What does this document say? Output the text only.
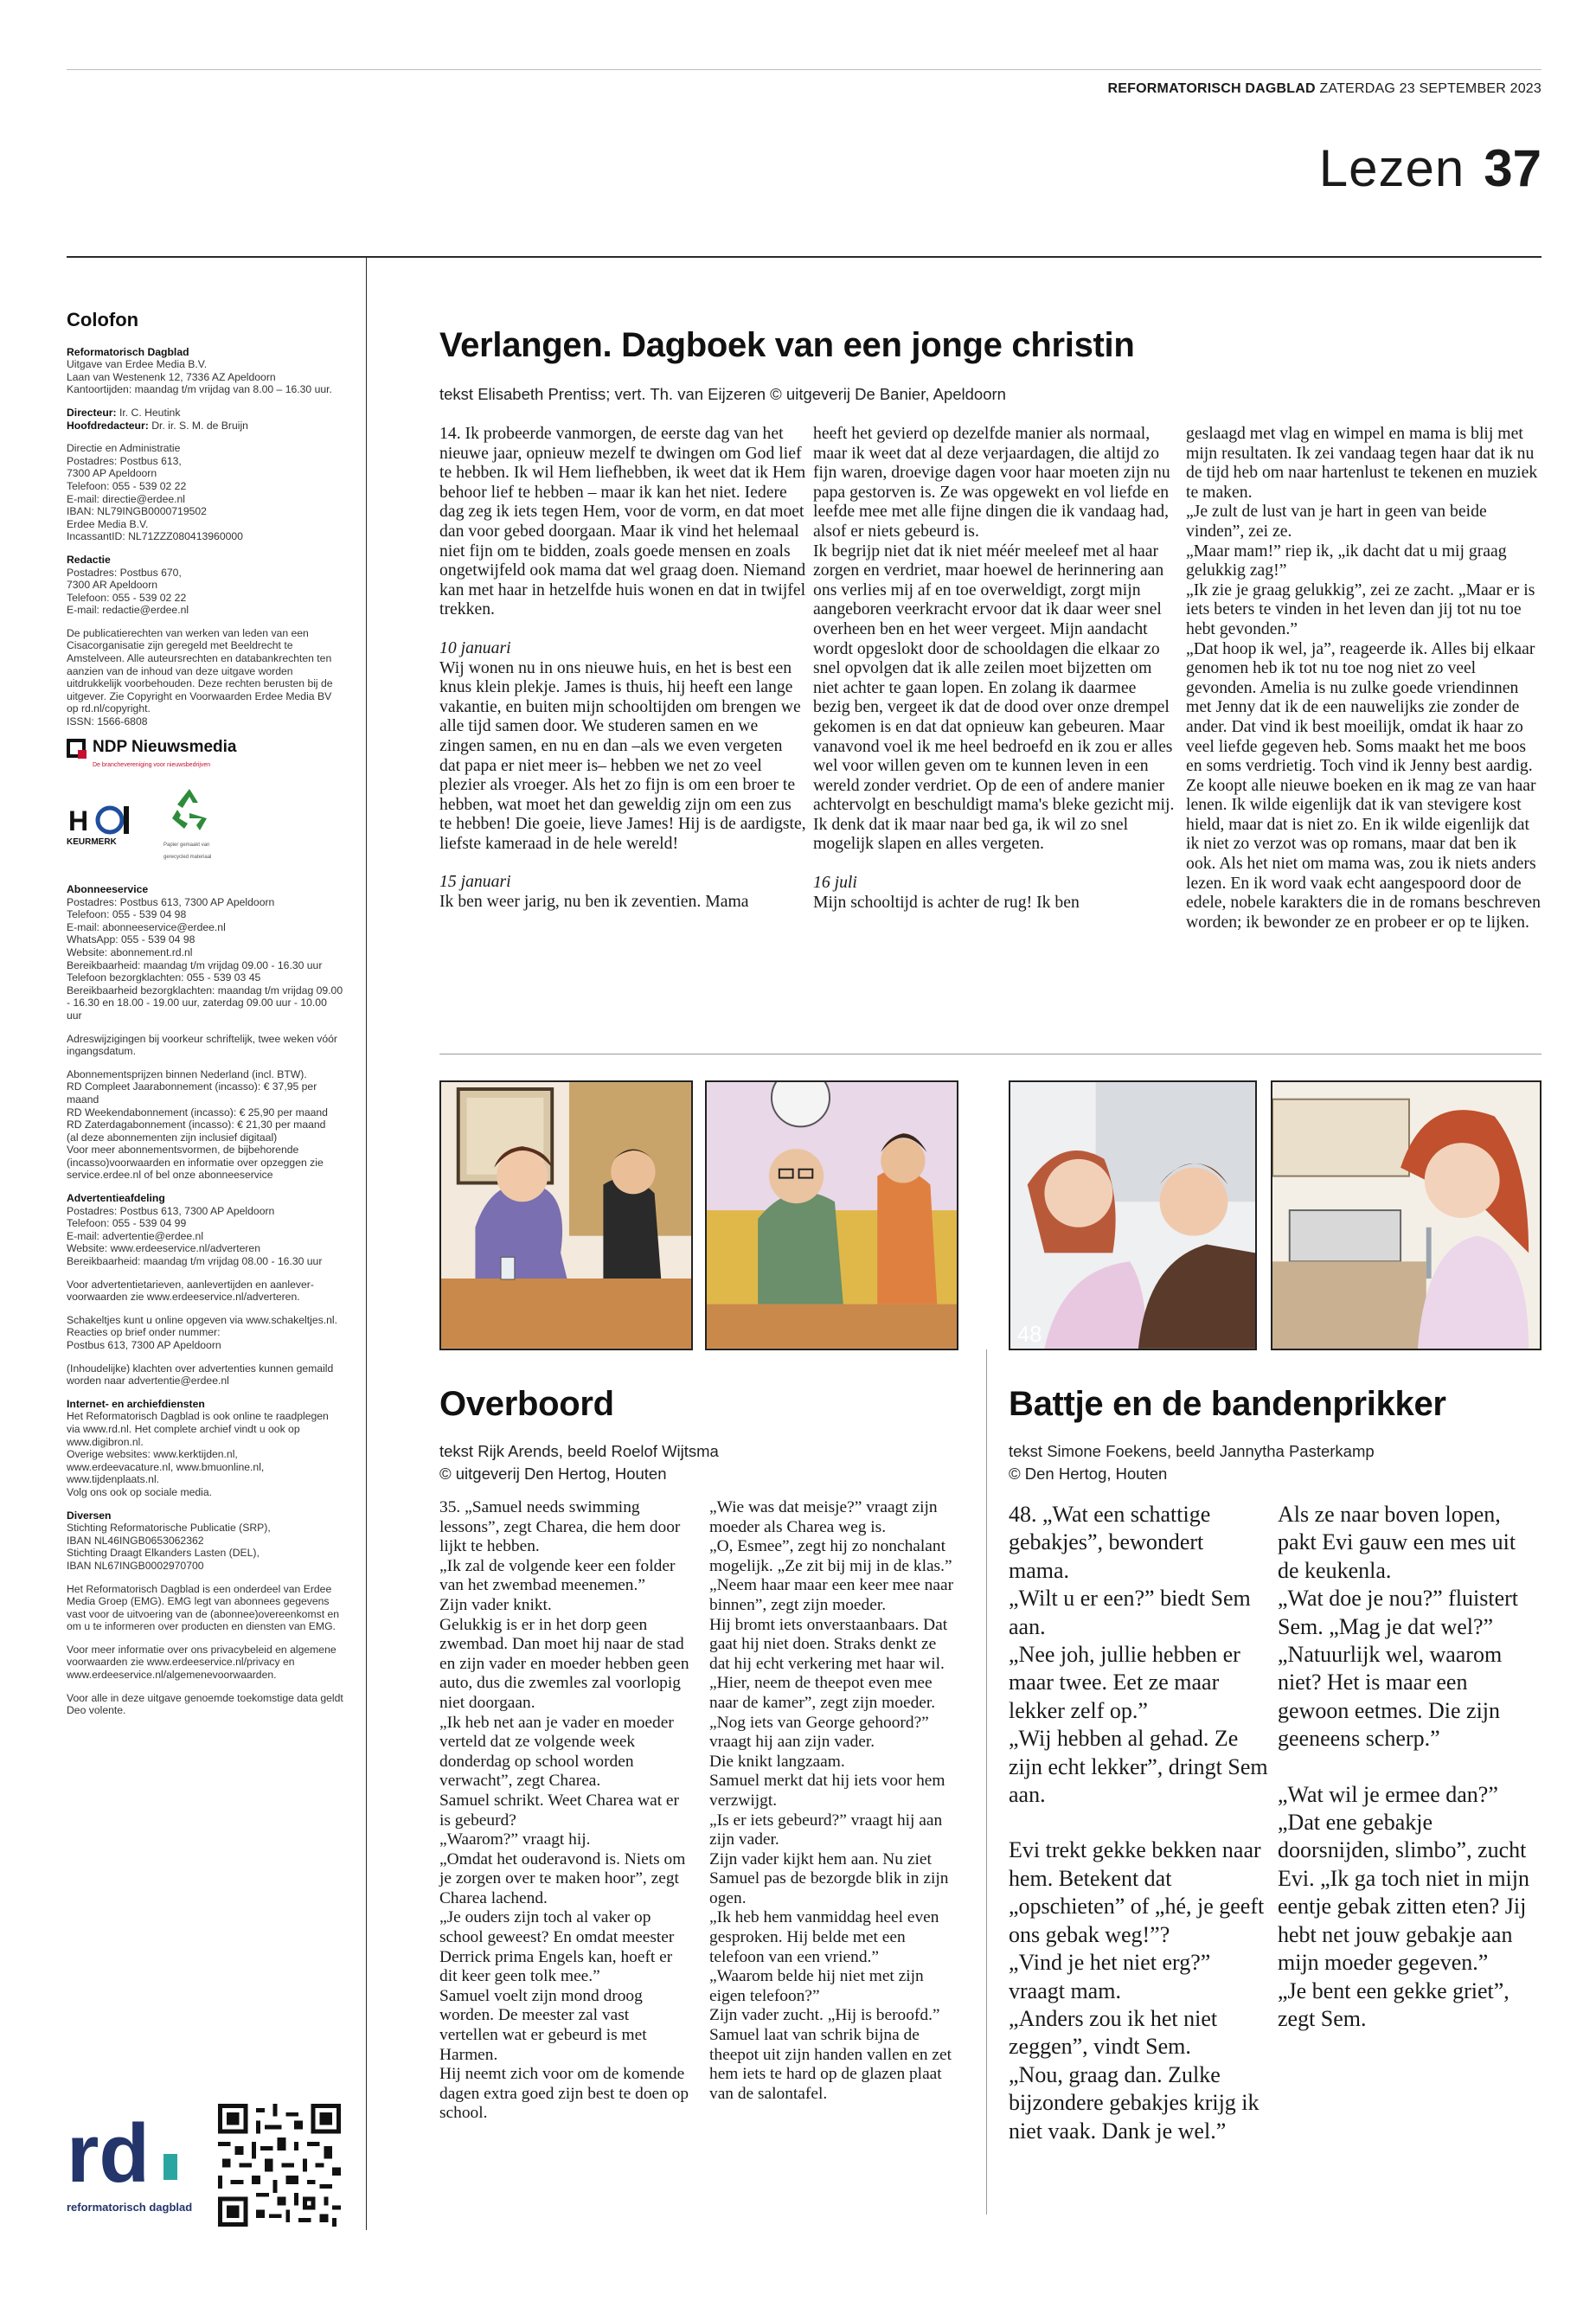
REFORMATORISCH DAGBLAD ZATERDAG 23 SEPTEMBER 2023
Lezen 37
Colofon

Reformatorisch Dagblad
Uitgave van Erdee Media B.V.
Laan van Westenenk 12, 7336 AZ Apeldoorn
Kantoortijden: maandag t/m vrijdag van 8.00 – 16.30 uur.

Directeur: Ir. C. Heutink
Hoofdredacteur: Dr. ir. S. M. de Bruijn

Directie en Administratie
Postadres: Postbus 613,
7300 AP Apeldoorn
Telefoon: 055 - 539 02 22
E-mail: directie@erdee.nl
IBAN: NL79INGB0000719502
Erdee Media B.V.
IncassantID: NL71ZZZ080413960000

Redactie
Postadres: Postbus 670,
7300 AR Apeldoorn
Telefoon: 055 - 539 02 22
E-mail: redactie@erdee.nl

De publicatierechten van werken van leden van een Cisacorganisatie zijn geregeld met Beeldrecht te Amstelveen. Alle auteursrechten en databankrechten ten aanzien van de inhoud van deze uitgave worden uitdrukkelijk voorbehouden. Deze rechten berusten bij de uitgever. Zie Copyright en Voorwaarden Erdee Media BV op rd.nl/copyright.
ISSN: 1566-6808

NDP Nieuwsmedia
De branchevereniging voor nieuwsbedrijven
H
KEURMERK	Papier gemaakt van gerecycled materiaal

Abonneeservice
Postadres: Postbus 613, 7300 AP Apeldoorn
Telefoon: 055 - 539 04 98
E-mail: abonneeservice@erdee.nl
WhatsApp: 055 - 539 04 98
Website: abonnement.rd.nl
Bereikbaarheid: maandag t/m vrijdag 09.00 - 16.30 uur
Telefoon bezorgklachten: 055 - 539 03 45
Bereikbaarheid bezorgklachten: maandag t/m vrijdag 09.00 - 16.30 en 18.00 - 19.00 uur, zaterdag 09.00 uur - 10.00 uur

Adreswijzigingen bij voorkeur schriftelijk, twee weken vóór ingangsdatum.

Abonnementsprijzen binnen Nederland (incl. BTW).
RD Compleet Jaarabonnement (incasso): € 37,95 per maand
RD Weekendabonnement (incasso): € 25,90 per maand
RD Zaterdagabonnement (incasso): € 21,30 per maand
(al deze abonnementen zijn inclusief digitaal)
Voor meer abonnementsvormen, de bijbehorende (incasso)voorwaarden en informatie over opzeggen zie service.erdee.nl of bel onze abonneeservice

Advertentieafdeling
Postadres: Postbus 613, 7300 AP Apeldoorn
Telefoon: 055 - 539 04 99
E-mail: advertentie@erdee.nl
Website: www.erdeeservice.nl/adverteren
Bereikbaarheid: maandag t/m vrijdag 08.00 - 16.30 uur

Voor advertentietarieven, aanlevertijden en aanlever-voorwaarden zie www.erdeeservice.nl/adverteren.

Schakeltjes kunt u online opgeven via www.schakeltjes.nl.
Reacties op brief onder nummer:
Postbus 613, 7300 AP Apeldoorn

(Inhoudelijke) klachten over advertenties kunnen gemaild worden naar advertentie@erdee.nl

Internet- en archiefdiensten
Het Reformatorisch Dagblad is ook online te raadplegen via www.rd.nl. Het complete archief vindt u ook op
www.digibron.nl.
Overige websites: www.kerktijden.nl, www.erdeevacature.nl, www.bmuonline.nl, www.tijdenplaats.nl.
Volg ons ook op sociale media.

Diversen
Stichting Reformatorische Publicatie (SRP),
IBAN NL46INGB0653062362
Stichting Draagt Elkanders Lasten (DEL),
IBAN NL67INGB0002970700

Het Reformatorisch Dagblad is een onderdeel van Erdee Media Groep (EMG). EMG legt van abonnees gegevens vast voor de uitvoering van de (abonnee)overeenkomst en om u te informeren over producten en diensten van EMG.

Voor meer informatie over ons privacybeleid en algemene voorwaarden zie www.erdeeservice.nl/privacy en www.erdeeservice.nl/algemenevoorwaarden.

Voor alle in deze uitgave genoemde toekomstige data geldt Deo volente.

rd
reformatorisch dagblad
Verlangen. Dagboek van een jonge christin
tekst Elisabeth Prentiss; vert. Th. van Eijzeren © uitgeverij De Banier, Apeldoorn

14. Ik probeerde vanmorgen, de eerste dag van het nieuwe jaar, opnieuw mezelf te dwingen om God lief te hebben. Ik wil Hem liefhebben, ik weet dat ik Hem behoor lief te hebben – maar ik kan het niet. Iedere dag zeg ik iets tegen Hem, voor de vorm, en dat moet dan voor gebed doorgaan. Maar ik vind het helemaal niet fijn om te bidden, zoals goede mensen en zoals ongetwijfeld ook mama dat wel graag doen. Niemand kan met haar in hetzelfde huis wonen en dat in twijfel trekken.

10 januari

Wij wonen nu in ons nieuwe huis, en het is best een knus klein plekje. James is thuis, hij heeft een lange vakantie, en buiten mijn schooltijden om brengen we alle tijd samen door. We studeren samen en we zingen samen, en nu en dan –als we even vergeten dat papa er niet meer is– hebben we net zo veel plezier als vroeger. Als het zo fijn is om een broer te hebben, wat moet het dan geweldig zijn om een zus te hebben! Die goeie, lieve James! Hij is de aardigste, liefste kameraad in de hele wereld!

15 januari

Ik ben weer jarig, nu ben ik zeventien. Mama

heeft het gevierd op dezelfde manier als normaal, maar ik weet dat al deze verjaardagen, die altijd zo fijn waren, droevige dagen voor haar moeten zijn nu papa gestorven is. Ze was opgewekt en vol liefde en leefde mee met alle fijne dingen die ik vandaag had, alsof er niets gebeurd is.
Ik begrijp niet dat ik niet méér meeleef met al haar zorgen en verdriet, maar hoewel de herinnering aan ons verlies mij af en toe overweldigt, zorgt mijn aangeboren veerkracht ervoor dat ik daar weer snel overheen ben en het weer vergeet. Mijn aandacht wordt opgeslokt door de schooldagen die elkaar zo snel opvolgen dat ik alle zeilen moet bijzetten om niet achter te gaan lopen. En zolang ik daarmee bezig ben, vergeet ik dat de dood over onze drempel gekomen is en dat dat opnieuw kan gebeuren. Maar vanavond voel ik me heel bedroefd en ik zou er alles wel voor willen geven om te kunnen leven in een wereld zonder verdriet. Op de een of andere manier achtervolgt en beschuldigt mama's bleke gezicht mij. Ik denk dat ik maar naar bed ga, ik wil zo snel mogelijk slapen en alles vergeten.

16 juli

Mijn schooltijd is achter de rug! Ik ben

geslaagd met vlag en wimpel en mama is blij met mijn resultaten. Ik zei vandaag tegen haar dat ik nu de tijd heb om naar hartenlust te tekenen en muziek te maken.
„Je zult de lust van je hart in geen van beide vinden”, zei ze.
„Maar mam!” riep ik, „ik dacht dat u mij graag gelukkig zag!”
„Ik zie je graag gelukkig”, zei ze zacht. „Maar er is iets beters te vinden in het leven dan jij tot nu toe hebt gevonden.”
„Dat hoop ik wel, ja”, reageerde ik. Alles bij elkaar genomen heb ik tot nu toe nog niet zo veel gevonden. Amelia is nu zulke goede vriendinnen met Jenny dat ik de een nauwelijks zie zonder de ander. Dat vind ik best moeilijk, omdat ik haar zo veel liefde gegeven heb. Soms maakt het me boos en soms verdrietig. Toch vind ik Jenny best aardig. Ze koopt alle nieuwe boeken en ik mag ze van haar lenen. Ik wilde eigenlijk dat ik van stevigere kost hield, maar dat is niet zo. En ik wilde eigenlijk dat ik niet zo verzot was op romans, maar dat ben ik ook. Als het niet om mama was, zou ik niets anders lezen. En ik word vaak echt aangespoord door de edele, nobele karakters die in de romans beschreven worden; ik bewonder ze en probeer er op te lijken.

Overboord
tekst Rijk Arends, beeld Roelof Wijtsma
© uitgeverij Den Hertog, Houten

35. „Samuel needs swimming lessons”, zegt Charea, die hem door lijkt te hebben.
„Ik zal de volgende keer een folder van het zwembad meenemen.”
Zijn vader knikt.
Gelukkig is er in het dorp geen zwembad. Dan moet hij naar de stad en zijn vader en moeder hebben geen auto, dus die zwemles zal voorlopig niet doorgaan.
„Ik heb net aan je vader en moeder verteld dat ze volgende week donderdag op school worden verwacht”, zegt Charea.
Samuel schrikt. Weet Charea wat er is gebeurd?
„Waarom?” vraagt hij.
„Omdat het ouderavond is. Niets om je zorgen over te maken hoor”, zegt Charea lachend.
„Je ouders zijn toch al vaker op school geweest? En omdat meester Derrick prima Engels kan, hoeft er dit keer geen tolk mee.”
Samuel voelt zijn mond droog worden. De meester zal vast vertellen wat er gebeurd is met Harmen.
Hij neemt zich voor om de komende dagen extra goed zijn best te doen op school.

„Wie was dat meisje?” vraagt zijn moeder als Charea weg is.
„O, Esmee”, zegt hij zo nonchalant mogelijk. „Ze zit bij mij in de klas.”
„Neem haar maar een keer mee naar binnen”, zegt zijn moeder.
Hij bromt iets onverstaanbaars. Dat gaat hij niet doen. Straks denkt ze dat hij echt verkering met haar wil.
„Hier, neem de theepot even mee naar de kamer”, zegt zijn moeder.
„Nog iets van George gehoord?” vraagt hij aan zijn vader.
Die knikt langzaam.
Samuel merkt dat hij iets voor hem verzwijgt.
„Is er iets gebeurd?” vraagt hij aan zijn vader.
Zijn vader kijkt hem aan. Nu ziet Samuel pas de bezorgde blik in zijn ogen.
„Ik heb hem vanmiddag heel even gesproken. Hij belde met een telefoon van een vriend.”
„Waarom belde hij niet met zijn eigen telefoon?”
Zijn vader zucht. „Hij is beroofd.”
Samuel laat van schrik bijna de theepot uit zijn handen vallen en zet hem iets te hard op de glazen plaat van de salontafel.

48
Battje en de bandenprikker
tekst Simone Foekens, beeld Jannytha Pasterkamp
© Den Hertog, Houten

48. „Wat een schattige gebakjes”, bewondert mama.
„Wilt u er een?” biedt Sem aan.
„Nee joh, jullie hebben er maar twee. Eet ze maar lekker zelf op.”
„Wij hebben al gehad. Ze zijn echt lekker”, dringt Sem aan.

Evi trekt gekke bekken naar hem. Betekent dat „opschieten” of „hé, je geeft ons gebak weg!”?
„Vind je het niet erg?” vraagt mam.
„Anders zou ik het niet zeggen”, vindt Sem.
„Nou, graag dan. Zulke bijzondere gebakjes krijg ik niet vaak. Dank je wel.”

Als ze naar boven lopen, pakt Evi gauw een mes uit de keukenla.
„Wat doe je nou?” fluistert Sem. „Mag je dat wel?”
„Natuurlijk wel, waarom niet? Het is maar een gewoon eetmes. Die zijn geeneens scherp.”

„Wat wil je ermee dan?”
„Dat ene gebakje doorsnijden, slimbo”, zucht Evi. „Ik ga toch niet in mijn eentje gebak zitten eten? Jij hebt net jouw gebakje aan mijn moeder gegeven.”
„Je bent een gekke griet”, zegt Sem.
